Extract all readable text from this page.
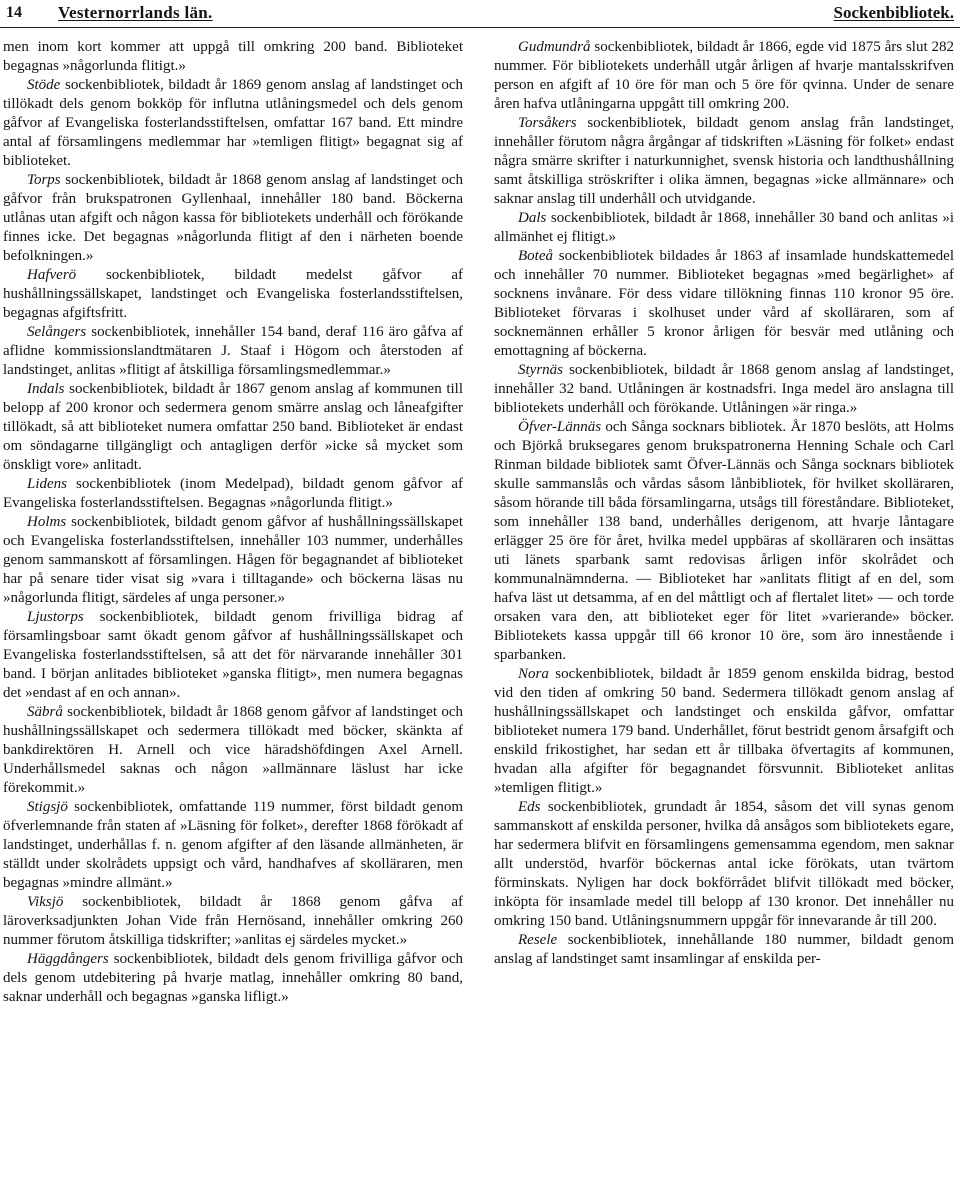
14 Vesternorrlands län.	Sockenbibliotek.

men inom kort kommer att uppgå till omkring 200 band. Biblioteket begagnas »någorlunda flitigt.»

Stöde sockenbibliotek, bildadt år 1869 genom anslag af landstinget och tillökadt dels genom bokköp för influtna utlåningsmedel och dels genom gåfvor af Evangeliska fosterlandsstiftelsen, omfattar 167 band. Ett mindre antal af församlingens medlemmar har »temligen flitigt» begagnat sig af biblioteket.

Torps sockenbibliotek, bildadt år 1868 genom anslag af landstinget och gåfvor från brukspatronen Gyllenhaal, innehåller 180 band. Böckerna utlånas utan afgift och någon kassa för bibliotekets underhåll och förökande finnes icke. Det begagnas »någorlunda flitigt af den i närheten boende befolkningen.»

Hafverö sockenbibliotek, bildadt medelst gåfvor af hushållningssällskapet, landstinget och Evangeliska fosterlandsstiftelsen, begagnas afgiftsfritt.

Selångers sockenbibliotek, innehåller 154 band, deraf 116 äro gåfva af aflidne kommissionslandtmätaren J. Staaf i Högom och återstoden af landstinget, anlitas »flitigt af åtskilliga församlingsmedlemmar.»

Indals sockenbibliotek, bildadt år 1867 genom anslag af kommunen till belopp af 200 kronor och sedermera genom smärre anslag och låneafgifter tillökadt, så att biblioteket numera omfattar 250 band. Biblioteket är endast om söndagarne tillgängligt och antagligen derför »icke så mycket som önskligt vore» anlitadt.

Lidens sockenbibliotek (inom Medelpad), bildadt genom gåfvor af Evangeliska fosterlandsstiftelsen. Begagnas »någorlunda flitigt.»

Holms sockenbibliotek, bildadt genom gåfvor af hushållningssällskapet och Evangeliska fosterlandsstiftelsen, innehåller 103 nummer, underhålles genom sammanskott af församlingen. Hågen för begagnandet af biblioteket har på senare tider visat sig »vara i tilltagande» och böckerna läsas nu »någorlunda flitigt, särdeles af unga personer.»

Ljustorps sockenbibliotek, bildadt genom frivilliga bidrag af församlingsboar samt ökadt genom gåfvor af hushållningssällskapet och Evangeliska fosterlandsstiftelsen, så att det för närvarande innehåller 301 band. I början anlitades biblioteket »ganska flitigt», men numera begagnas det »endast af en och annan».

Säbrå sockenbibliotek, bildadt år 1868 genom gåfvor af landstinget och hushållningssällskapet och sedermera tillökadt med böcker, skänkta af bankdirektören H. Arnell och vice häradshöfdingen Axel Arnell. Underhållsmedel saknas och någon »allmännare läslust har icke förekommit.»

Stigsjö sockenbibliotek, omfattande 119 nummer, först bildadt genom öfverlemnande från staten af »Läsning för folket», derefter 1868 förökadt af landstinget, underhållas f. n. genom afgifter af den läsande allmänheten, är ställdt under skolrådets uppsigt och vård, handhafves af skolläraren, men begagnas »mindre allmänt.»

Viksjö sockenbibliotek, bildadt år 1868 genom gåfva af läroverksadjunkten Johan Vide från Hernösand, innehåller omkring 260 nummer förutom åtskilliga tidskrifter; »anlitas ej särdeles mycket.»

Häggdångers sockenbibliotek, bildadt dels genom frivilliga gåfvor och dels genom utdebitering på hvarje matlag, innehåller omkring 80 band, saknar underhåll och begagnas »ganska lifligt.»

Gudmundrå sockenbibliotek, bildadt år 1866, egde vid 1875 års slut 282 nummer. För bibliotekets underhåll utgår årligen af hvarje mantalsskrifven person en afgift af 10 öre för man och 5 öre för qvinna. Under de senare åren hafva utlåningarna uppgått till omkring 200.

Torsåkers sockenbibliotek, bildadt genom anslag från landstinget, innehåller förutom några årgångar af tidskriften »Läsning för folket» endast några smärre skrifter i naturkunnighet, svensk historia och landthushållning samt åtskilliga ströskrifter i olika ämnen, begagnas »icke allmännare» och saknar anslag till underhåll och utvidgande.

Dals sockenbibliotek, bildadt år 1868, innehåller 30 band och anlitas »i allmänhet ej flitigt.»

Boteå sockenbibliotek bildades år 1863 af insamlade hundskattemedel och innehåller 70 nummer. Biblioteket begagnas »med begärlighet» af socknens invånare. För dess vidare tillökning finnas 110 kronor 95 öre. Biblioteket förvaras i skolhuset under vård af skolläraren, som af socknemännen erhåller 5 kronor årligen för besvär med utlåning och emottagning af böckerna.

Styrnäs sockenbibliotek, bildadt år 1868 genom anslag af landstinget, innehåller 32 band. Utlåningen är kostnadsfri. Inga medel äro anslagna till bibliotekets underhåll och förökande. Utlåningen »är ringa.»

Öfver-Lännäs och Sånga socknars bibliotek. År 1870 beslöts, att Holms och Björkå bruksegares genom brukspatronerna Henning Schale och Carl Rinman bildade bibliotek samt Öfver-Lännäs och Sånga socknars bibliotek skulle sammanslås och vårdas såsom lånbibliotek, för hvilket skolläraren, såsom hörande till båda församlingarna, utsågs till föreståndare. Biblioteket, som innehåller 138 band, underhålles derigenom, att hvarje låntagare erlägger 25 öre för året, hvilka medel uppbäras af skolläraren och insättas uti länets sparbank samt redovisas årligen inför skolrådet och kommunalnämnderna. — Biblioteket har »anlitats flitigt af en del, som hafva läst ut detsamma, af en del måttligt och af flertalet litet» — och torde orsaken vara den, att biblioteket eger för litet »varierande» böcker. Bibliotekets kassa uppgår till 66 kronor 10 öre, som äro innestående i sparbanken.

Nora sockenbibliotek, bildadt år 1859 genom enskilda bidrag, bestod vid den tiden af omkring 50 band. Sedermera tillökadt genom anslag af hushållningssällskapet och landstinget och enskilda gåfvor, omfattar biblioteket numera 179 band. Underhållet, förut bestridt genom årsafgift och enskild frikostighet, har sedan ett år tillbaka öfvertagits af kommunen, hvadan alla afgifter för begagnandet försvunnit. Biblioteket anlitas »temligen flitigt.»

Eds sockenbibliotek, grundadt år 1854, såsom det vill synas genom sammanskott af enskilda personer, hvilka då ansågos som bibliotekets egare, har sedermera blifvit en församlingens gemensamma egendom, men saknar allt understöd, hvarför böckernas antal icke förökats, utan tvärtom förminskats. Nyligen har dock bokförrådet blifvit tillökadt med böcker, inköpta för insamlade medel till belopp af 130 kronor. Det innehåller nu omkring 150 band. Utlåningsnummern uppgår för innevarande år till 200.

Resele sockenbibliotek, innehållande 180 nummer, bildadt genom anslag af landstinget samt insamlingar af enskilda per-
